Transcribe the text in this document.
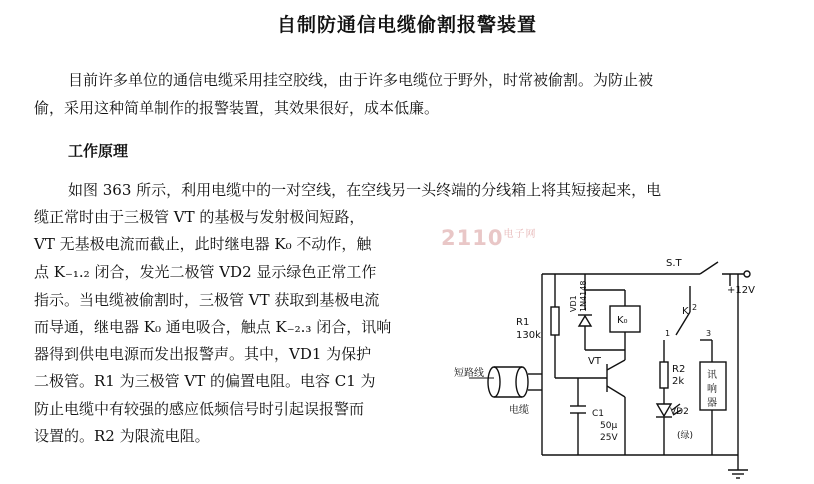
自制防通信电缆偷割报警装置
目前许多单位的通信电缆采用挂空胶线，由于许多电缆位于野外，时常被偷割。为防止被
偷，采用这种简单制作的报警装置，其效果很好，成本低廉。
工作原理
如图 363 所示，利用电缆中的一对空线，在空线另一头终端的分线箱上将其短接起来，电
缆正常时由于三极管 VT 的基极与发射极间短路，
VT 无基极电流而截止，此时继电器 K₀ 不动作，触
点 K₋₁.₂ 闭合，发光二极管 VD2 显示绿色正常工作
指示。当电缆被偷割时，三极管 VT 获取到基极电流
而导通，继电器 K₀ 通电吸合，触点 K₋₂.₃ 闭合，讯响
器得到供电电源而发出报警声。其中，VD1 为保护
二极管。R1 为三极管 VT 的偏置电阻。电容 C1 为
防止电缆中有较强的感应低频信号时引起误报警而
设置的。R2 为限流电阻。
$2110^{电子网}$
S.T
+12V
R1
130k
VD1 1N4148
K₀
VT
K 2
1	3
R2
2k
讯
响
器
VD2
(绿)
C1
50μ
25V
短路线
电缆
